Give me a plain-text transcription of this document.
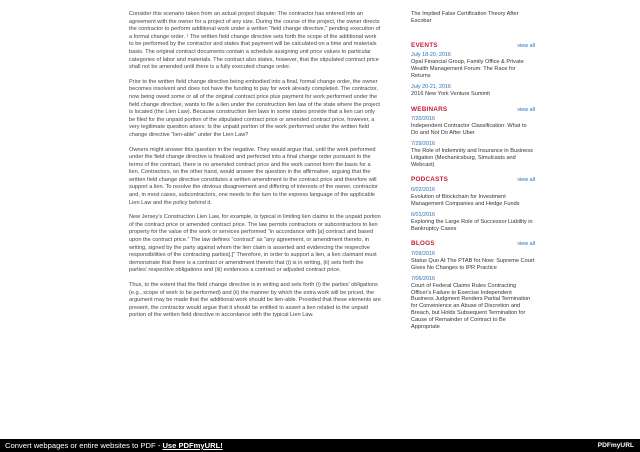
Consider this scenario taken from an actual project dispute: The contractor has entered into an agreement with the owner for a project of any size. During the course of the project, the owner directs the contractor to perform additional work under a written “field change directive,” pending execution of a formal change order. ¹ The written field change directive sets forth the scope of the additional work to be performed by the contractor and states that payment will be calculated on a time and materials basis. The original contract documents contain a schedule assigning unit price values to particular categories of labor and materials. The contract also states, however, that the stipulated contract price shall not be amended until there is a fully executed change order.

Prior to the written field change directive being embodied into a final, formal change order, the owner becomes insolvent and does not have the funding to pay for work already completed. The contractor, now being owed some or all of the original contract price plus payment for work performed under the field change directive, wants to file a lien under the construction lien law of the state where the project is located (the Lien Law). Because construction lien laws in some states provide that a lien can only be filed for the unpaid portion of the stipulated contract price or amended contract price, however, a very legitimate question arises: Is the unpaid portion of the work performed under the written field change directive “lien-able” under the Lien Law?

Owners might answer this question in the negative. They would argue that, until the work performed under the field change directive is finalized and perfected into a final change order pursuant to the terms of the contract, there is no amended contract price and the work cannot form the basis for a lien. Contractors, on the other hand, would answer the question in the affirmative, arguing that the written field change directive constitutes a written amendment to the contract price and therefore will support a lien. To resolve the obvious disagreement and differing of interests of the owner, contractor and, in most cases, subcontractors, one needs to the turn to the express language of the applicable Lien Law and the policy behind it.

New Jersey’s Construction Lien Law, for example, is typical in limiting lien claims to the unpaid portion of the contract price or amended contract price. The law permits contractors or subcontractors to lien property for the value of the work or services performed “in accordance with [a] contract and based upon the contract price.” The law defines “contract” as “any agreement, or amendment thereto, in writing, signed by the party against whom the lien claim is asserted and evidencing the respective responsibilities of the contracting parties[.]” Therefore, in order to support a lien, a lien claimant must demonstrate that there is a contract or amendment thereto that (i) is in writing, (ii) sets forth the parties’ respective obligations and (iii) evidences a contract or adjusted contract price.

Thus, to the extent that the field change directive is in writing and sets forth (i) the parties’ obligations (e.g., scope of work to be performed) and (ii) the manner by which the extra work will be priced, the argument may be made that the additional work should be lien-able. Provided that these elements are present, the contractor would argue that it should be entitled to assert a lien related to the unpaid portion of the written field directive in accordance with the typical Lien Law.

The Implied False Certification Theory After Escobar
EVENTS	view all
July 18-20, 2016
Opal Financial Group, Family Office & Private Wealth Management Forum: The Race for Returns
July 20-21, 2016
2016 New York Venture Summit
WEBINARS	view all
7/20/2016
Independent Contractor Classification: What to Do and Not Do After Uber
7/29/2016
The Role of Indemnity and Insurance in Business Litigation (Mechanicsburg, Simulcasts and Webcast)
PODCASTS	view all
6/02/2016
Evolution of Blockchain for Investment Management Companies and Hedge Funds
6/01/2016
Exploring the Large Role of Successor Liability in Bankruptcy Cases
BLOGS	view all
7/09/2016
Status Quo At The PTAB for Now: Supreme Court Gives No Changes to IPR Practice
7/06/2016
Court of Federal Claims Rules Contracting Officer's Failure to Exercise Independent Business Judgment Renders Partial Termination for Convenience an Abuse of Discretion and Breach, but Holds Subsequent Termination for Cause of Remainder of Contract to Be Appropriate
Convert webpages or entire websites to PDF - Use PDFmyURL!	PDFmyURL
